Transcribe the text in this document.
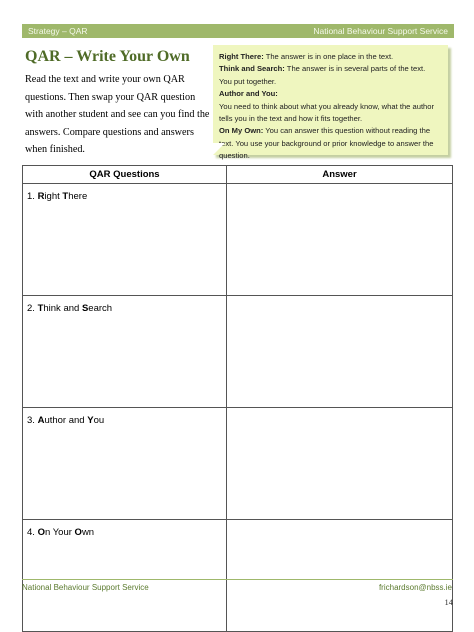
Strategy – QAR	National Behaviour Support Service
QAR – Write Your Own

Read the text and write your own QAR questions. Then swap your QAR question with another student and see can you find the answers. Compare questions and answers when finished.

Right There: The answer is in one place in the text.
Think and Search: The answer is in several parts of the text. You put together.
Author and You:
You need to think about what you already know, what the author tells you in the text and how it fits together.
On My Own: You can answer this question without reading the text. You use your background or prior knowledge to answer the question.
QAR Questions	Answer
1. Right There	
2. Think and Search	
3. Author and You	
4. On Your Own	
National Behaviour Support Service	frichardson@nbss.ie
14
